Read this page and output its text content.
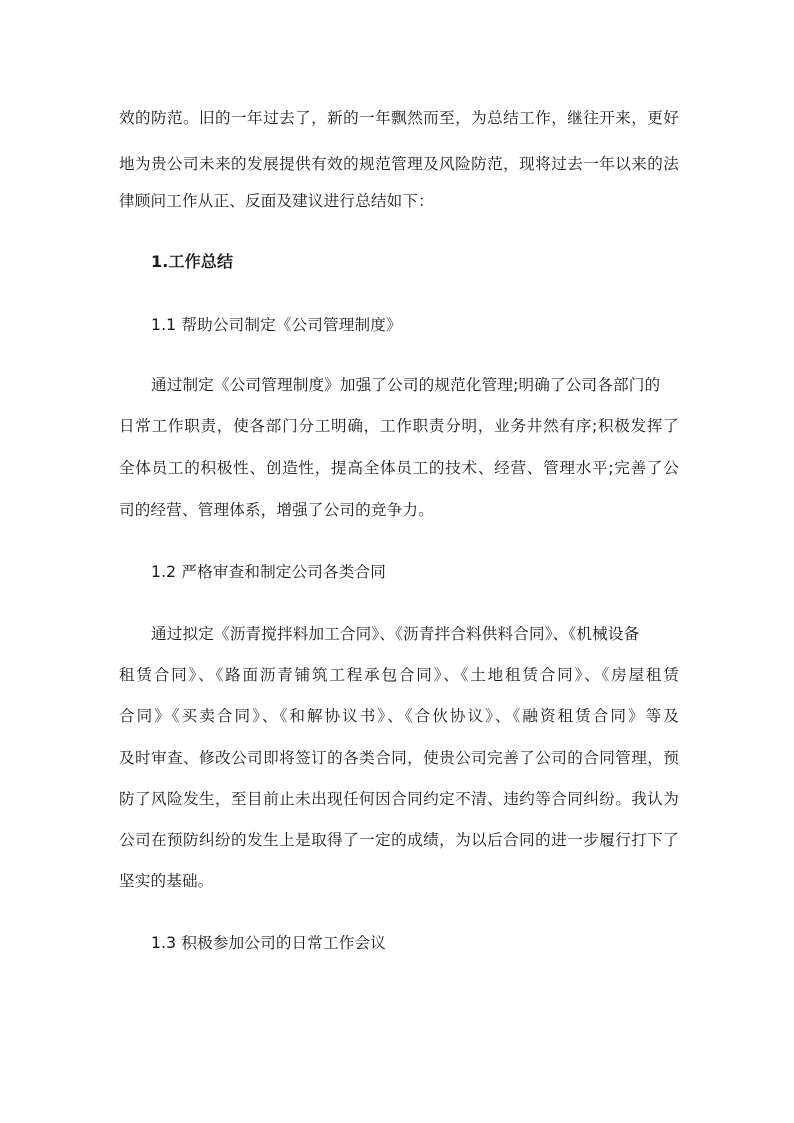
效的防范。旧的一年过去了，新的一年飘然而至，为总结工作，继往开来，更好
地为贵公司未来的发展提供有效的规范管理及风险防范，现将过去一年以来的法
律顾问工作从正、反面及建议进行总结如下：
1.工作总结
1.1 帮助公司制定《公司管理制度》
通过制定《公司管理制度》加强了公司的规范化管理;明确了公司各部门的
日常工作职责，使各部门分工明确，工作职责分明，业务井然有序;积极发挥了
全体员工的积极性、创造性，提高全体员工的技术、经营、管理水平;完善了公
司的经营、管理体系，增强了公司的竞争力。
1.2 严格审查和制定公司各类合同
通过拟定《沥青搅拌料加工合同》、《沥青拌合料供料合同》、《机械设备
租赁合同》、《路面沥青铺筑工程承包合同》、《土地租赁合同》、《房屋租赁
合同》《买卖合同》、《和解协议书》、《合伙协议》、《融资租赁合同》等及
及时审查、修改公司即将签订的各类合同，使贵公司完善了公司的合同管理，预
防了风险发生，至目前止未出现任何因合同约定不清、违约等合同纠纷。我认为
公司在预防纠纷的发生上是取得了一定的成绩，为以后合同的进一步履行打下了
坚实的基础。
1.3 积极参加公司的日常工作会议
